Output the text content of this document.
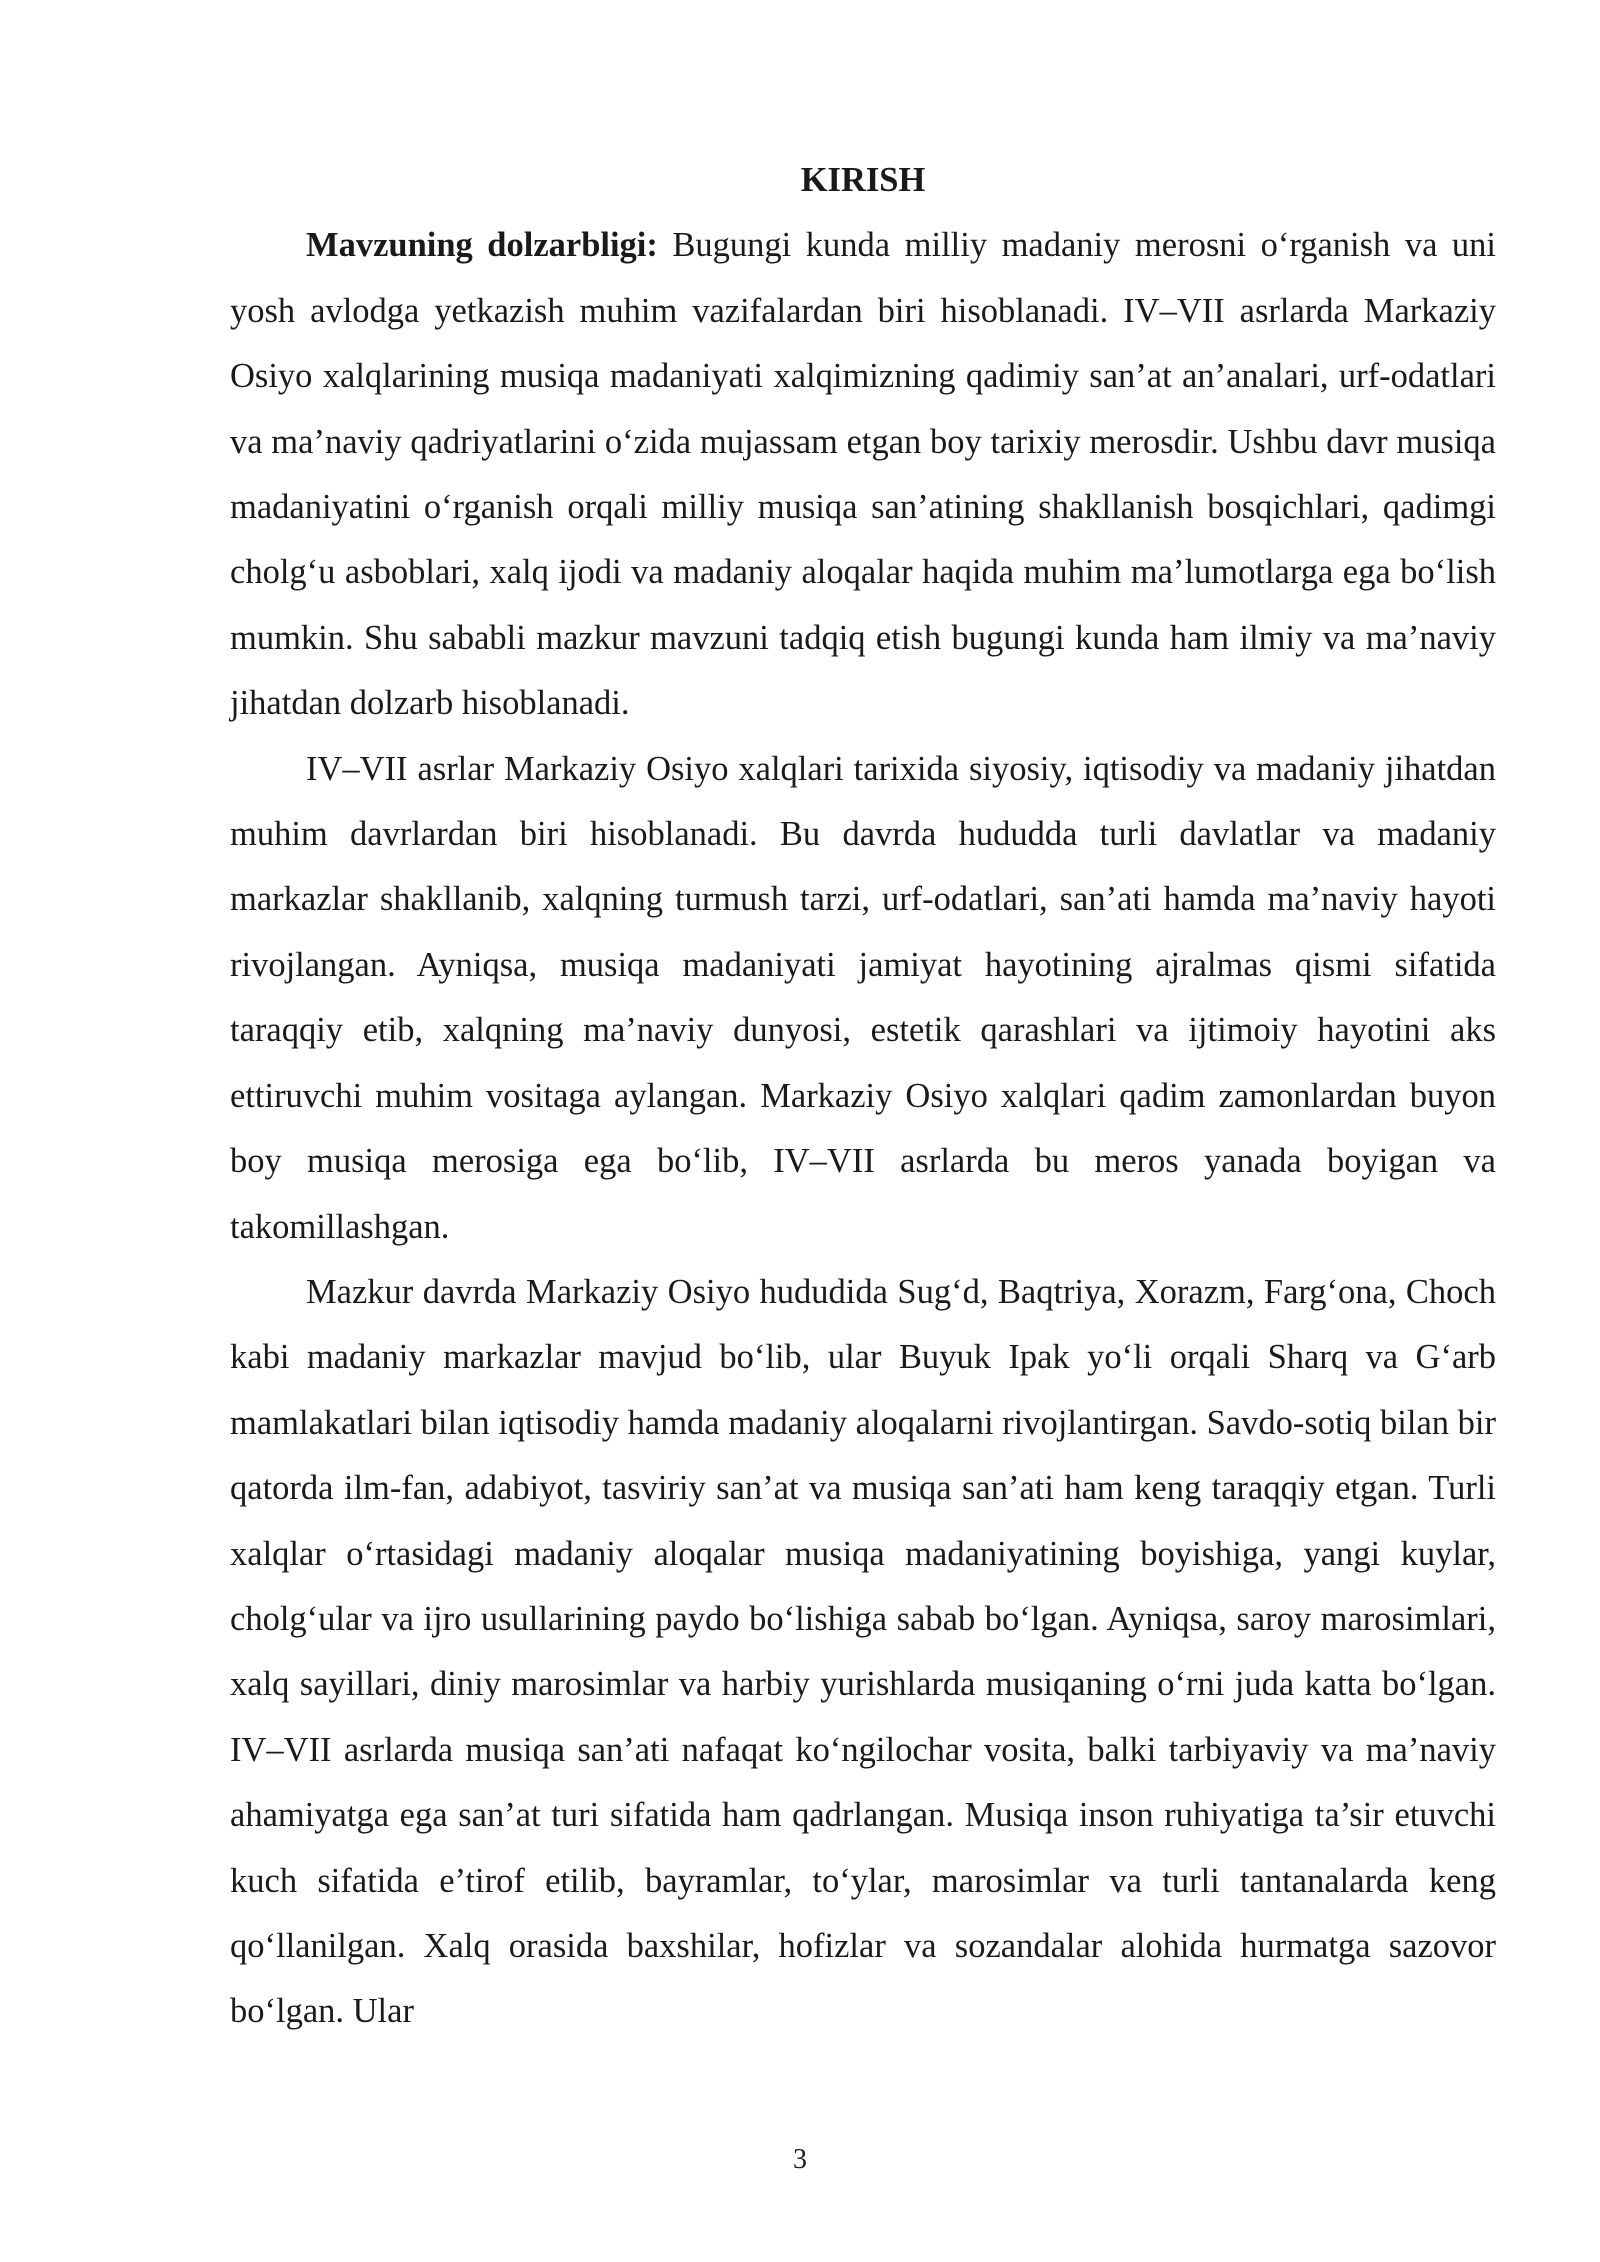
KIRISH

Mavzuning dolzarbligi: Bugungi kunda milliy madaniy merosni o‘rganish va uni yosh avlodga yetkazish muhim vazifalardan biri hisoblanadi. IV–VII asrlarda Markaziy Osiyo xalqlarining musiqa madaniyati xalqimizning qadimiy san’at an’analari, urf-odatlari va ma’naviy qadriyatlarini o‘zida mujassam etgan boy tarixiy merosdir. Ushbu davr musiqa madaniyatini o‘rganish orqali milliy musiqa san’atining shakllanish bosqichlari, qadimgi cholg‘u asboblari, xalq ijodi va madaniy aloqalar haqida muhim ma’lumotlarga ega bo‘lish mumkin. Shu sababli mazkur mavzuni tadqiq etish bugungi kunda ham ilmiy va ma’naviy jihatdan dolzarb hisoblanadi.

IV–VII asrlar Markaziy Osiyo xalqlari tarixida siyosiy, iqtisodiy va madaniy jihatdan muhim davrlardan biri hisoblanadi. Bu davrda hududda turli davlatlar va madaniy markazlar shakllanib, xalqning turmush tarzi, urf-odatlari, san’ati hamda ma’naviy hayoti rivojlangan. Ayniqsa, musiqa madaniyati jamiyat hayotining ajralmas qismi sifatida taraqqiy etib, xalqning ma’naviy dunyosi, estetik qarashlari va ijtimoiy hayotini aks ettiruvchi muhim vositaga aylangan. Markaziy Osiyo xalqlari qadim zamonlardan buyon boy musiqa merosiga ega bo‘lib, IV–VII asrlarda bu meros yanada boyigan va takomillashgan.

Mazkur davrda Markaziy Osiyo hududida Sug‘d, Baqtriya, Xorazm, Farg‘ona, Choch kabi madaniy markazlar mavjud bo‘lib, ular Buyuk Ipak yo‘li orqali Sharq va G‘arb mamlakatlari bilan iqtisodiy hamda madaniy aloqalarni rivojlantirgan. Savdo-sotiq bilan bir qatorda ilm-fan, adabiyot, tasviriy san’at va musiqa san’ati ham keng taraqqiy etgan. Turli xalqlar o‘rtasidagi madaniy aloqalar musiqa madaniyatining boyishiga, yangi kuylar, cholg‘ular va ijro usullarining paydo bo‘lishiga sabab bo‘lgan. Ayniqsa, saroy marosimlari, xalq sayillari, diniy marosimlar va harbiy yurishlarda musiqaning o‘rni juda katta bo‘lgan. IV–VII asrlarda musiqa san’ati nafaqat ko‘ngilochar vosita, balki tarbiyaviy va ma’naviy ahamiyatga ega san’at turi sifatida ham qadrlangan. Musiqa inson ruhiyatiga ta’sir etuvchi kuch sifatida e’tirof etilib, bayramlar, to‘ylar, marosimlar va turli tantanalarda keng qo‘llanilgan. Xalq orasida baxshilar, hofizlar va sozandalar alohida hurmatga sazovor bo‘lgan. Ular

3
